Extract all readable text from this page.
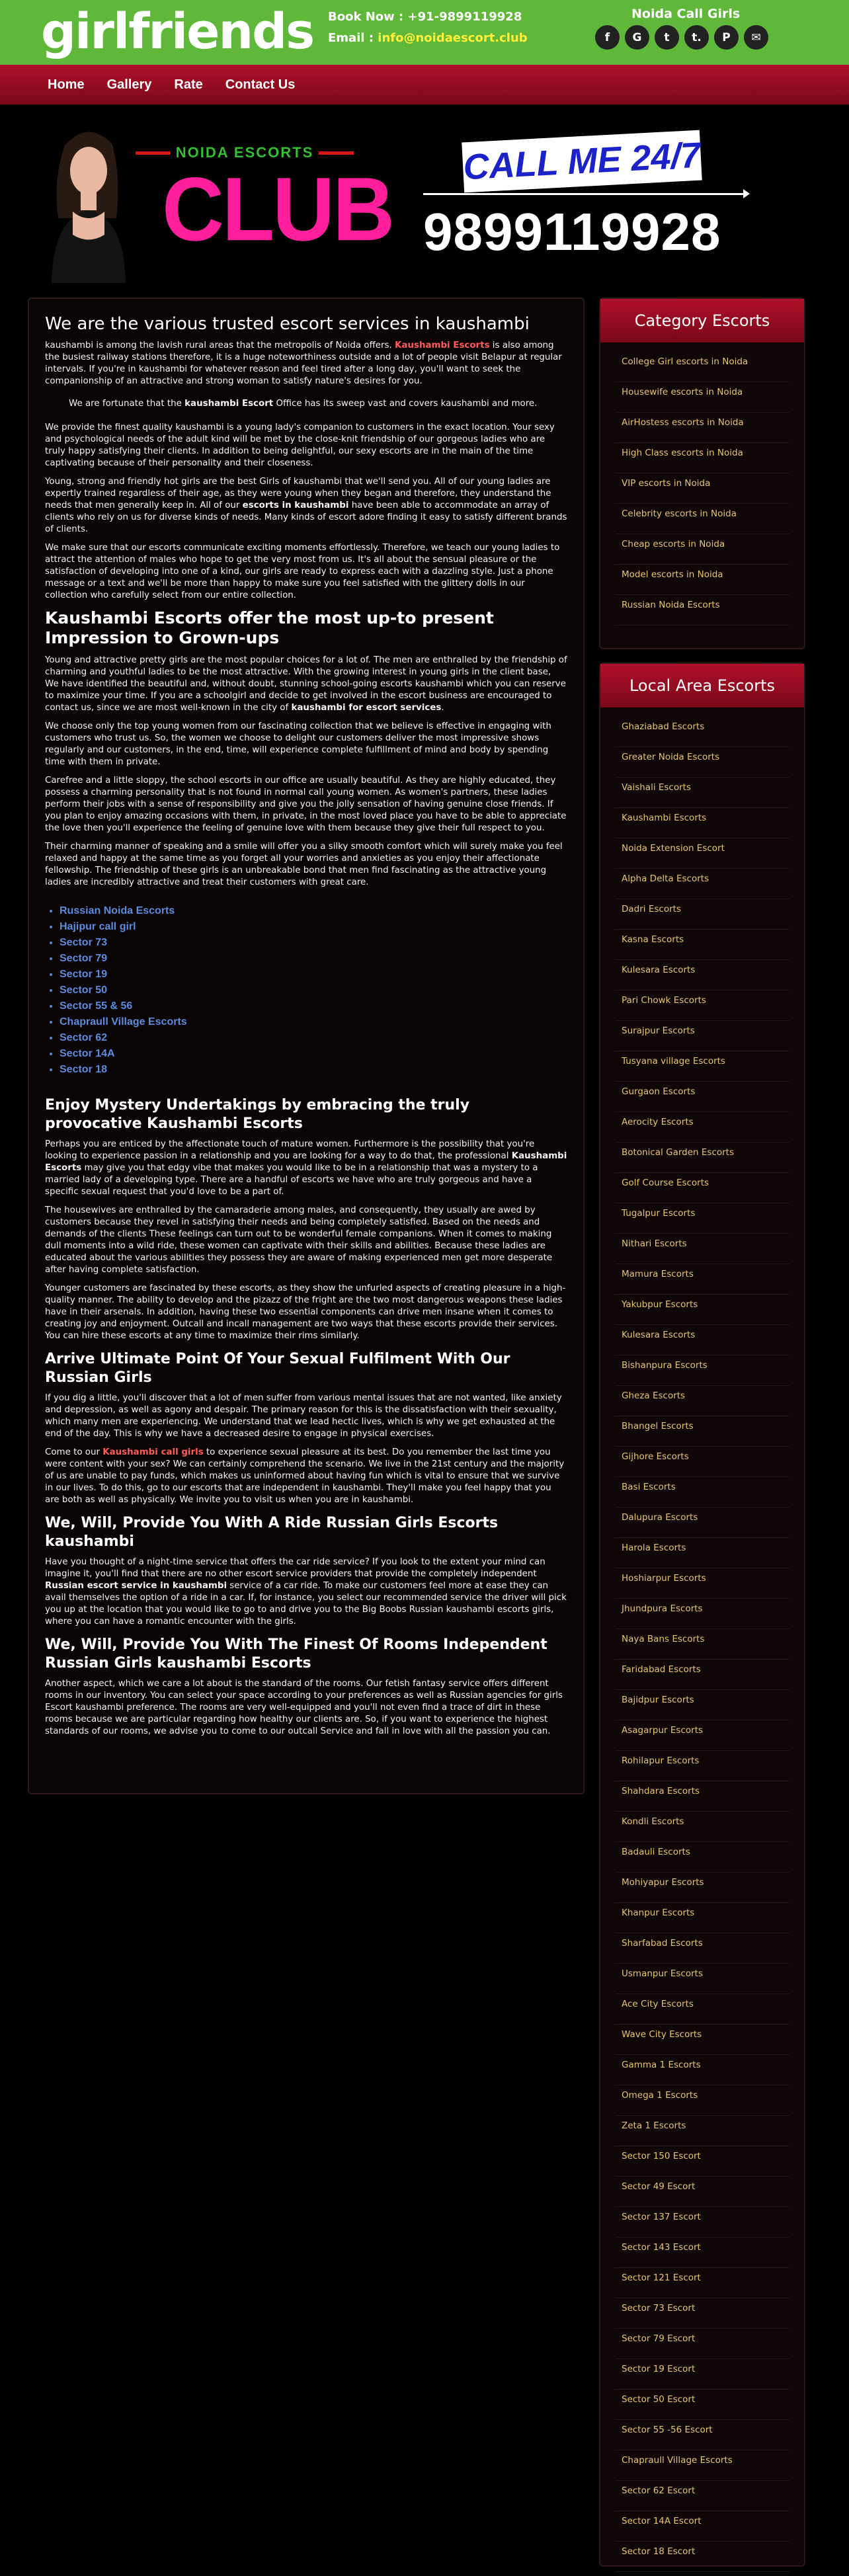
girlfriends Book Now : +91-9899119928
Email : info@noidaescort.club
Noida Call Girls
f	G	t	t.	P	✉
Home Gallery Rate Contact Us
NOIDA ESCORTS
CLUB CALL ME 24/7
9899119928
We are the various trusted escort services in kaushambi

kaushambi is among the lavish rural areas that the metropolis of Noida offers. Kaushambi Escorts is also among the busiest railway stations therefore, it is a huge noteworthiness outside and a lot of people visit Belapur at regular intervals. If you're in kaushambi for whatever reason and feel tired after a long day, you'll want to seek the companionship of an attractive and strong woman to satisfy nature's desires for you.

We are fortunate that the kaushambi Escort Office has its sweep vast and covers kaushambi and more.

We provide the finest quality kaushambi is a young lady's companion to customers in the exact location. Your sexy and psychological needs of the adult kind will be met by the close-knit friendship of our gorgeous ladies who are truly happy satisfying their clients. In addition to being delightful, our sexy escorts are in the main of the time captivating because of their personality and their closeness.

Young, strong and friendly hot girls are the best Girls of kaushambi that we'll send you. All of our young ladies are expertly trained regardless of their age, as they were young when they began and therefore, they understand the needs that men generally keep in. All of our escorts in kaushambi have been able to accommodate an array of clients who rely on us for diverse kinds of needs. Many kinds of escort adore finding it easy to satisfy different brands of clients.

We make sure that our escorts communicate exciting moments effortlessly. Therefore, we teach our young ladies to attract the attention of males who hope to get the very most from us. It's all about the sensual pleasure or the satisfaction of developing into one of a kind, our girls are ready to express each with a dazzling style. Just a phone message or a text and we'll be more than happy to make sure you feel satisfied with the glittery dolls in our collection who carefully select from our entire collection.

Kaushambi Escorts offer the most up-to present Impression to Grown-ups

Young and attractive pretty girls are the most popular choices for a lot of. The men are enthralled by the friendship of charming and youthful ladies to be the most attractive. With the growing interest in young girls in the client base, We have identified the beautiful and, without doubt, stunning school-going escorts kaushambi which you can reserve to maximize your time. If you are a schoolgirl and decide to get involved in the escort business are encouraged to contact us, since we are most well-known in the city of kaushambi for escort services.

We choose only the top young women from our fascinating collection that we believe is effective in engaging with customers who trust us. So, the women we choose to delight our customers deliver the most impressive shows regularly and our customers, in the end, time, will experience complete fulfillment of mind and body by spending time with them in private.

Carefree and a little sloppy, the school escorts in our office are usually beautiful. As they are highly educated, they possess a charming personality that is not found in normal call young women. As women's partners, these ladies perform their jobs with a sense of responsibility and give you the jolly sensation of having genuine close friends. If you plan to enjoy amazing occasions with them, in private, in the most loved place you have to be able to appreciate the love then you'll experience the feeling of genuine love with them because they give their full respect to you.

Their charming manner of speaking and a smile will offer you a silky smooth comfort which will surely make you feel relaxed and happy at the same time as you forget all your worries and anxieties as you enjoy their affectionate fellowship. The friendship of these girls is an unbreakable bond that men find fascinating as the attractive young ladies are incredibly attractive and treat their customers with great care.

• Russian Noida Escorts
• Hajipur call girl
• Sector 73
• Sector 79
• Sector 19
• Sector 50
• Sector 55 & 56
• Chapraull Village Escorts
• Sector 62
• Sector 14A
• Sector 18
Enjoy Mystery Undertakings by embracing the truly provocative Kaushambi Escorts

Perhaps you are enticed by the affectionate touch of mature women. Furthermore is the possibility that you're looking to experience passion in a relationship and you are looking for a way to do that, the professional Kaushambi Escorts may give you that edgy vibe that makes you would like to be in a relationship that was a mystery to a married lady of a developing type. There are a handful of escorts we have who are truly gorgeous and have a specific sexual request that you'd love to be a part of.

The housewives are enthralled by the camaraderie among males, and consequently, they usually are awed by customers because they revel in satisfying their needs and being completely satisfied. Based on the needs and demands of the clients These feelings can turn out to be wonderful female companions. When it comes to making dull moments into a wild ride, these women can captivate with their skills and abilities. Because these ladies are educated about the various abilities they possess they are aware of making experienced men get more desperate after having complete satisfaction.

Younger customers are fascinated by these escorts, as they show the unfurled aspects of creating pleasure in a high-quality manner. The ability to develop and the pizazz of the fright are the two most dangerous weapons these ladies have in their arsenals. In addition, having these two essential components can drive men insane when it comes to creating joy and enjoyment. Outcall and incall management are two ways that these escorts provide their services. You can hire these escorts at any time to maximize their rims similarly.

Arrive Ultimate Point Of Your Sexual Fulfilment With Our Russian Girls

If you dig a little, you'll discover that a lot of men suffer from various mental issues that are not wanted, like anxiety and depression, as well as agony and despair. The primary reason for this is the dissatisfaction with their sexuality, which many men are experiencing. We understand that we lead hectic lives, which is why we get exhausted at the end of the day. This is why we have a decreased desire to engage in physical exercises.

Come to our Kaushambi call girls to experience sexual pleasure at its best. Do you remember the last time you were content with your sex? We can certainly comprehend the scenario. We live in the 21st century and the majority of us are unable to pay funds, which makes us uninformed about having fun which is vital to ensure that we survive in our lives. To do this, go to our escorts that are independent in kaushambi. They'll make you feel happy that you are both as well as physically. We invite you to visit us when you are in kaushambi.

We, Will, Provide You With A Ride Russian Girls Escorts kaushambi

Have you thought of a night-time service that offers the car ride service? If you look to the extent your mind can imagine it, you'll find that there are no other escort service providers that provide the completely independent Russian escort service in kaushambi service of a car ride. To make our customers feel more at ease they can avail themselves the option of a ride in a car. If, for instance, you select our recommended service the driver will pick you up at the location that you would like to go to and drive you to the Big Boobs Russian kaushambi escorts girls, where you can have a romantic encounter with the girls.

We, Will, Provide You With The Finest Of Rooms Independent Russian Girls kaushambi Escorts

Another aspect, which we care a lot about is the standard of the rooms. Our fetish fantasy service offers different rooms in our inventory. You can select your space according to your preferences as well as Russian agencies for girls Escort kaushambi preference. The rooms are very well-equipped and you'll not even find a trace of dirt in these rooms because we are particular regarding how healthy our clients are. So, if you want to experience the highest standards of our rooms, we advise you to come to our outcall Service and fall in love with all the passion you can.

Category Escorts
College Girl escorts in Noida
Housewife escorts in Noida
AirHostess escorts in Noida
High Class escorts in Noida
VIP escorts in Noida
Celebrity escorts in Noida
Cheap escorts in Noida
Model escorts in Noida
Russian Noida Escorts
Local Area Escorts
Ghaziabad Escorts
Greater Noida Escorts
Vaishali Escorts
Kaushambi Escorts
Noida Extension Escort
Alpha Delta Escorts
Dadri Escorts
Kasna Escorts
Kulesara Escorts
Pari Chowk Escorts
Surajpur Escorts
Tusyana village Escorts
Gurgaon Escorts
Aerocity Escorts
Botonical Garden Escorts
Golf Course Escorts
Tugalpur Escorts
Nithari Escorts
Mamura Escorts
Yakubpur Escorts
Kulesara Escorts
Bishanpura Escorts
Gheza Escorts
Bhangel Escorts
Gijhore Escorts
Basi Escorts
Dalupura Escorts
Harola Escorts
Hoshiarpur Escorts
Jhundpura Escorts
Naya Bans Escorts
Faridabad Escorts
Bajidpur Escorts
Asagarpur Escorts
Rohilapur Escorts
Shahdara Escorts
Kondli Escorts
Badauli Escorts
Mohiyapur Escorts
Khanpur Escorts
Sharfabad Escorts
Usmanpur Escorts
Ace City Escorts
Wave City Escorts
Gamma 1 Escorts
Omega 1 Escorts
Zeta 1 Escorts
Sector 150 Escort
Sector 49 Escort
Sector 137 Escort
Sector 143 Escort
Sector 121 Escort
Sector 73 Escort
Sector 79 Escort
Sector 19 Escort
Sector 50 Escort
Sector 55 -56 Escort
Chapraull Village Escorts
Sector 62 Escort
Sector 14A Escort
Sector 18 Escort
